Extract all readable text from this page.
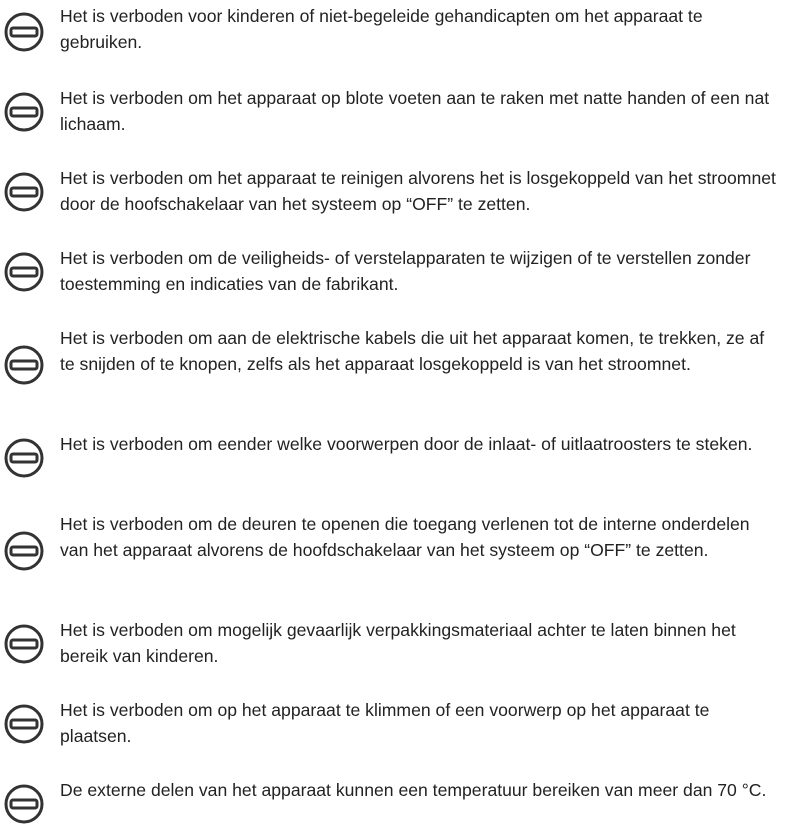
Het is verboden voor kinderen of niet-begeleide gehandicapten om het apparaat te gebruiken.
Het is verboden om het apparaat op blote voeten aan te raken met natte handen of een nat lichaam.
Het is verboden om het apparaat te reinigen alvorens het is losgekoppeld van het stroomnet door de hoofschakelaar van het systeem op “OFF” te zetten.
Het is verboden om de veiligheids- of verstelapparaten te wijzigen of te verstellen zonder toestemming en indicaties van de fabrikant.
Het is verboden om aan de elektrische kabels die uit het apparaat komen, te trekken, ze af te snijden of te knopen, zelfs als het apparaat losgekoppeld is van het stroomnet.
Het is verboden om eender welke voorwerpen door de inlaat- of uitlaatroosters te steken.
Het is verboden om de deuren te openen die toegang verlenen tot de interne onderdelen van het apparaat alvorens de hoofdschakelaar van het systeem op “OFF” te zetten.
Het is verboden om mogelijk gevaarlijk verpakkingsmateriaal achter te laten binnen het bereik van kinderen.
Het is verboden om op het apparaat te klimmen of een voorwerp op het apparaat te plaatsen.
De externe delen van het apparaat kunnen een temperatuur bereiken van meer dan 70 °C.
